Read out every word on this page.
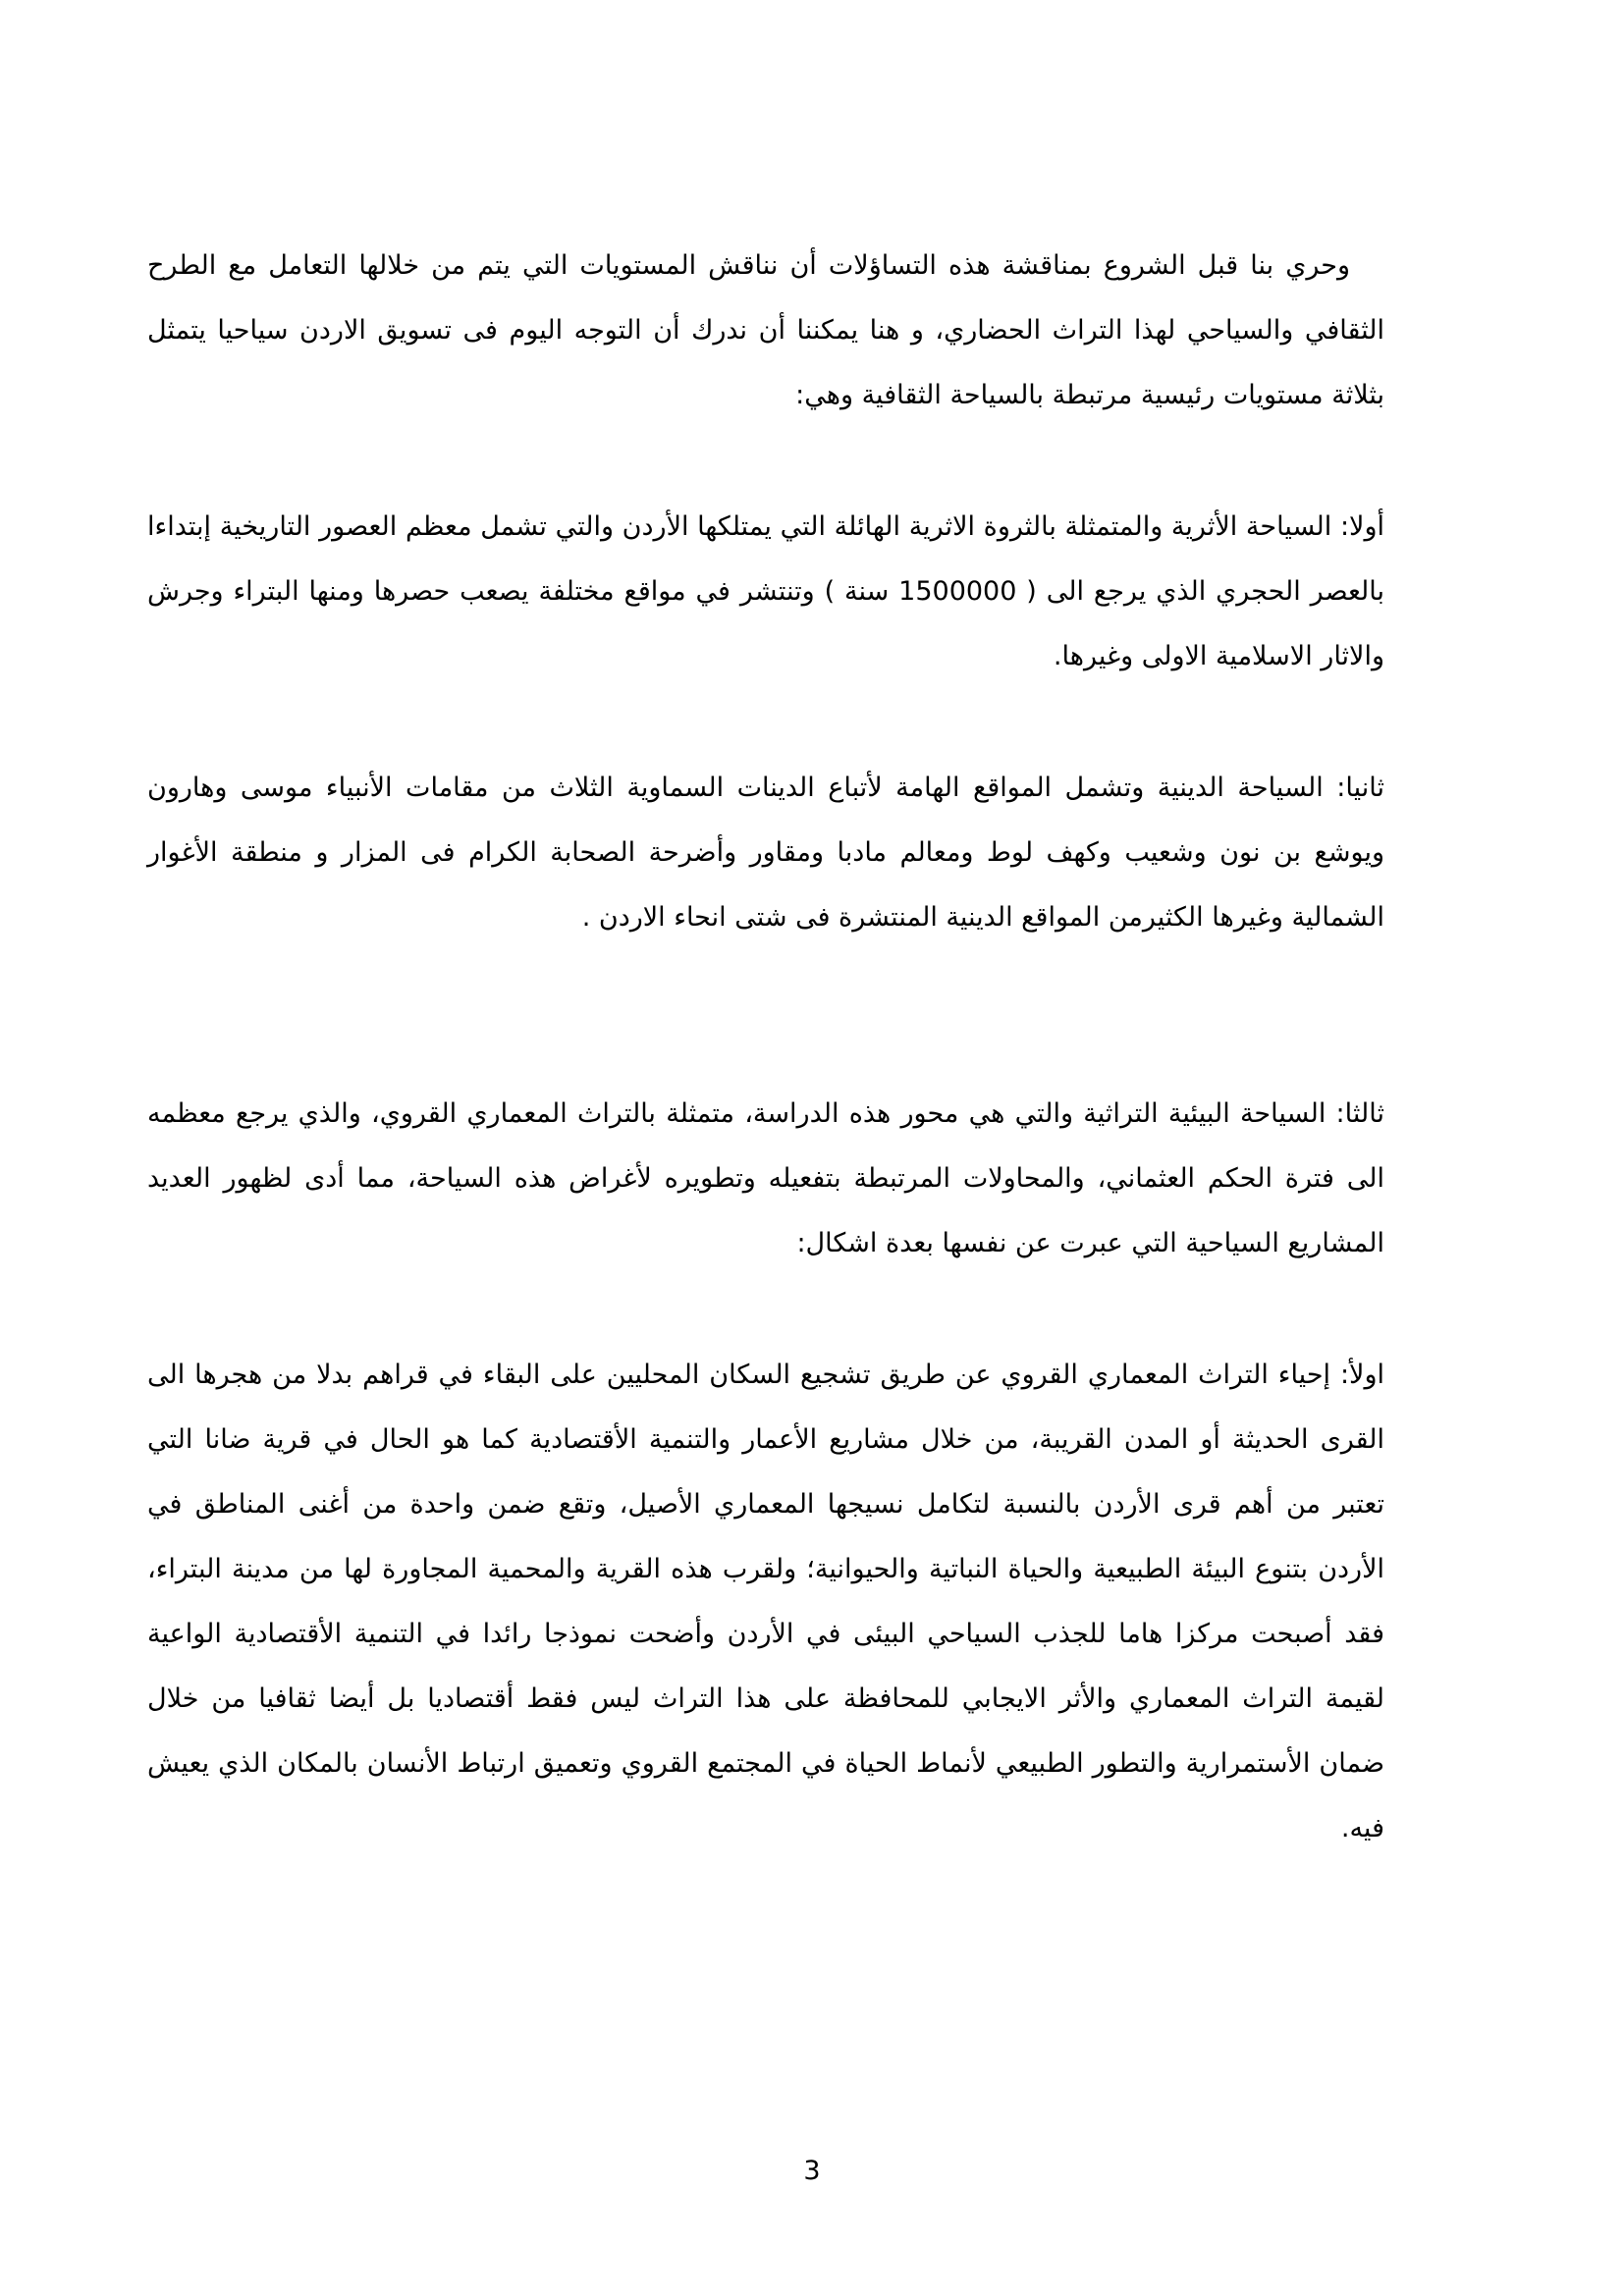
وحري بنا قبل الشروع بمناقشة هذه التساؤلات أن نناقش المستويات التي يتم من خلالها التعامل مع الطرح الثقافي والسياحي لهذا التراث الحضاري، و هنا يمكننا أن ندرك أن التوجه اليوم فى تسويق الاردن سياحيا يتمثل بثلاثة مستويات رئيسية مرتبطة بالسياحة الثقافية وهي:

أولا: السياحة الأثرية والمتمثلة بالثروة الاثرية الهائلة التي يمتلكها الأردن والتي تشمل معظم العصور التاريخية إبتداءا بالعصر الحجري الذي يرجع الى ( 1500000 سنة ) وتنتشر في مواقع مختلفة يصعب حصرها ومنها البتراء وجرش والاثار الاسلامية الاولى وغيرها.

ثانيا: السياحة الدينية وتشمل المواقع الهامة لأتباع الدينات السماوية الثلاث من مقامات الأنبياء موسى وهارون ويوشع بن نون وشعيب وكهف لوط ومعالم مادبا ومقاور وأضرحة الصحابة الكرام فى المزار و منطقة الأغوار الشمالية وغيرها الكثيرمن المواقع الدينية المنتشرة فى شتى انحاء الاردن .

ثالثا: السياحة البيئية التراثية والتي هي محور هذه الدراسة، متمثلة بالتراث المعماري القروي، والذي يرجع معظمه الى فترة الحكم العثماني، والمحاولات المرتبطة بتفعيله وتطويره لأغراض هذه السياحة، مما أدى لظهور العديد المشاريع السياحية التي عبرت عن نفسها بعدة اشكال:

اولأ: إحياء التراث المعماري القروي عن طريق تشجيع السكان المحليين على البقاء في قراهم بدلا من هجرها الى القرى الحديثة أو المدن القريبة، من خلال مشاريع الأعمار والتنمية الأقتصادية كما هو الحال في قرية ضانا التي تعتبر من أهم قرى الأردن بالنسبة لتكامل نسيجها المعماري الأصيل، وتقع ضمن واحدة من أغنى المناطق في الأردن بتنوع البيئة الطبيعية والحياة النباتية والحيوانية؛ ولقرب هذه القرية والمحمية المجاورة لها من مدينة البتراء، فقد أصبحت مركزا هاما للجذب السياحي البيئى في الأردن وأضحت نموذجا رائدا في التنمية الأقتصادية الواعية لقيمة التراث المعماري والأثر الايجابي للمحافظة على هذا التراث ليس فقط أقتصاديا بل أيضا ثقافيا من خلال ضمان الأستمرارية والتطور الطبيعي لأنماط الحياة في المجتمع القروي وتعميق ارتباط الأنسان بالمكان الذي يعيش فيه.

3
